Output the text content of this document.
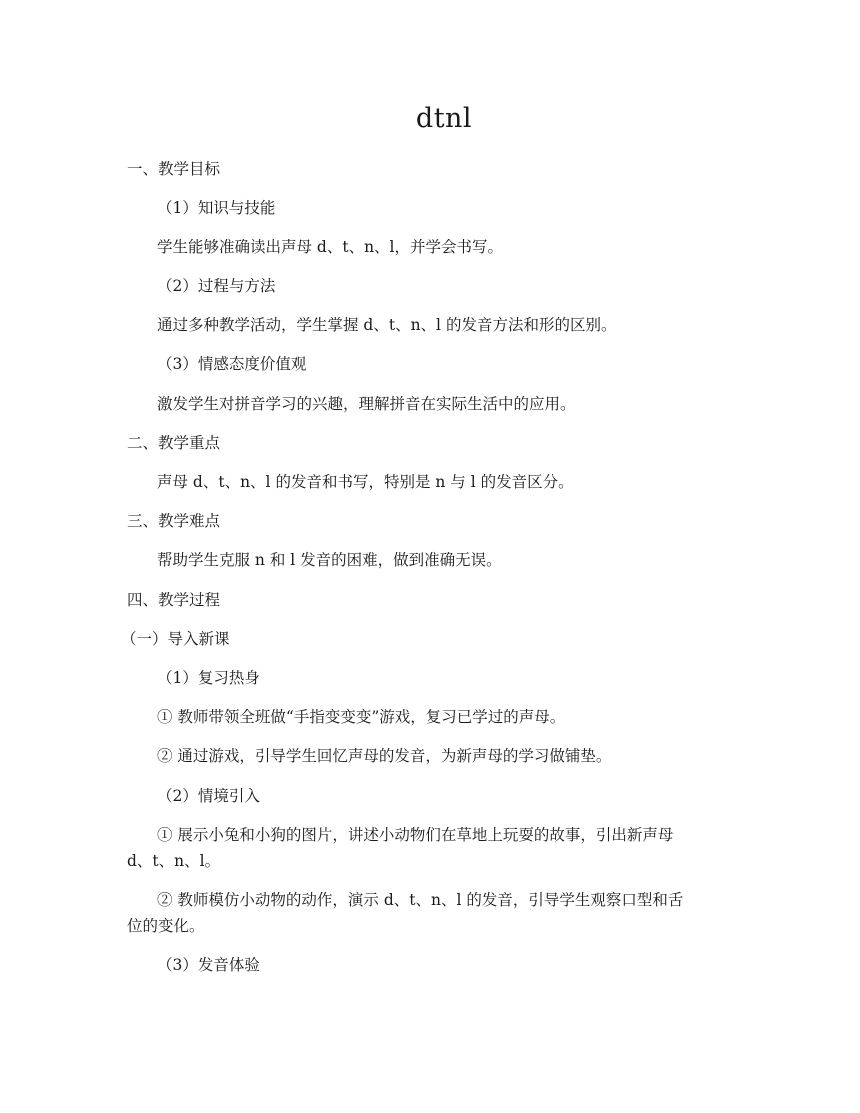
dtnl
一、教学目标
（1）知识与技能
学生能够准确读出声母 d、t、n、l，并学会书写。
（2）过程与方法
通过多种教学活动，学生掌握 d、t、n、l 的发音方法和形的区别。
（3）情感态度价值观
激发学生对拼音学习的兴趣，理解拼音在实际生活中的应用。
二、教学重点
声母 d、t、n、l 的发音和书写，特别是 n 与 l 的发音区分。
三、教学难点
帮助学生克服 n 和 l 发音的困难，做到准确无误。
四、教学过程
（一）导入新课
（1）复习热身
① 教师带领全班做“手指变变变”游戏，复习已学过的声母。
② 通过游戏，引导学生回忆声母的发音，为新声母的学习做铺垫。
（2）情境引入
① 展示小兔和小狗的图片，讲述小动物们在草地上玩耍的故事，引出新声母
d、t、n、l。
② 教师模仿小动物的动作，演示 d、t、n、l 的发音，引导学生观察口型和舌
位的变化。
（3）发音体验
